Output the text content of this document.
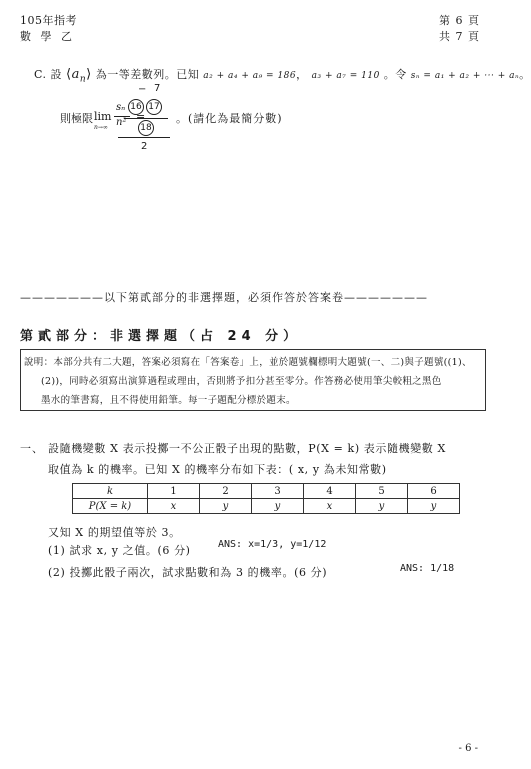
105年指考
數 學 乙
第 6 頁
共 7 頁
C. 設 $⟨a_n⟩$ 為一等差數列。已知 a₂ + a₄ + a₉ = 186， a₃ + a₇ = 110 。令 sₙ = a₁ + a₂ + ··· + aₙ。
則極限 lim
n→∞
sₙ
n² =
− 7
16 17
18
2
。(請化為最簡分數)
———————以下第貳部分的非選擇題，必須作答於答案卷———————
第貳部分：非選擇題（占 24 分）
說明：本部分共有二大題，答案必須寫在「答案卷」上，並於題號欄標明大題號(一、二)與子題號((1)、
(2))，同時必須寫出演算過程或理由，否則將予扣分甚至零分。作答務必使用筆尖較粗之黑色
墨水的筆書寫，且不得使用鉛筆。每一子題配分標於題末。
一、 設隨機變數 X 表示投擲一不公正骰子出現的點數，P(X = k) 表示隨機變數 X
取值為 k 的機率。已知 X 的機率分布如下表：( x, y 為未知常數)
k	1	2	3	4	5	6
P(X = k)	x	y	y	x	y	y
又知 X 的期望值等於 3。
(1) 試求 x, y 之值。(6 分)	ANS: x=1/3, y=1/12
(2) 投擲此骰子兩次，試求點數和為 3 的機率。(6 分)	ANS: 1/18
- 6 -
